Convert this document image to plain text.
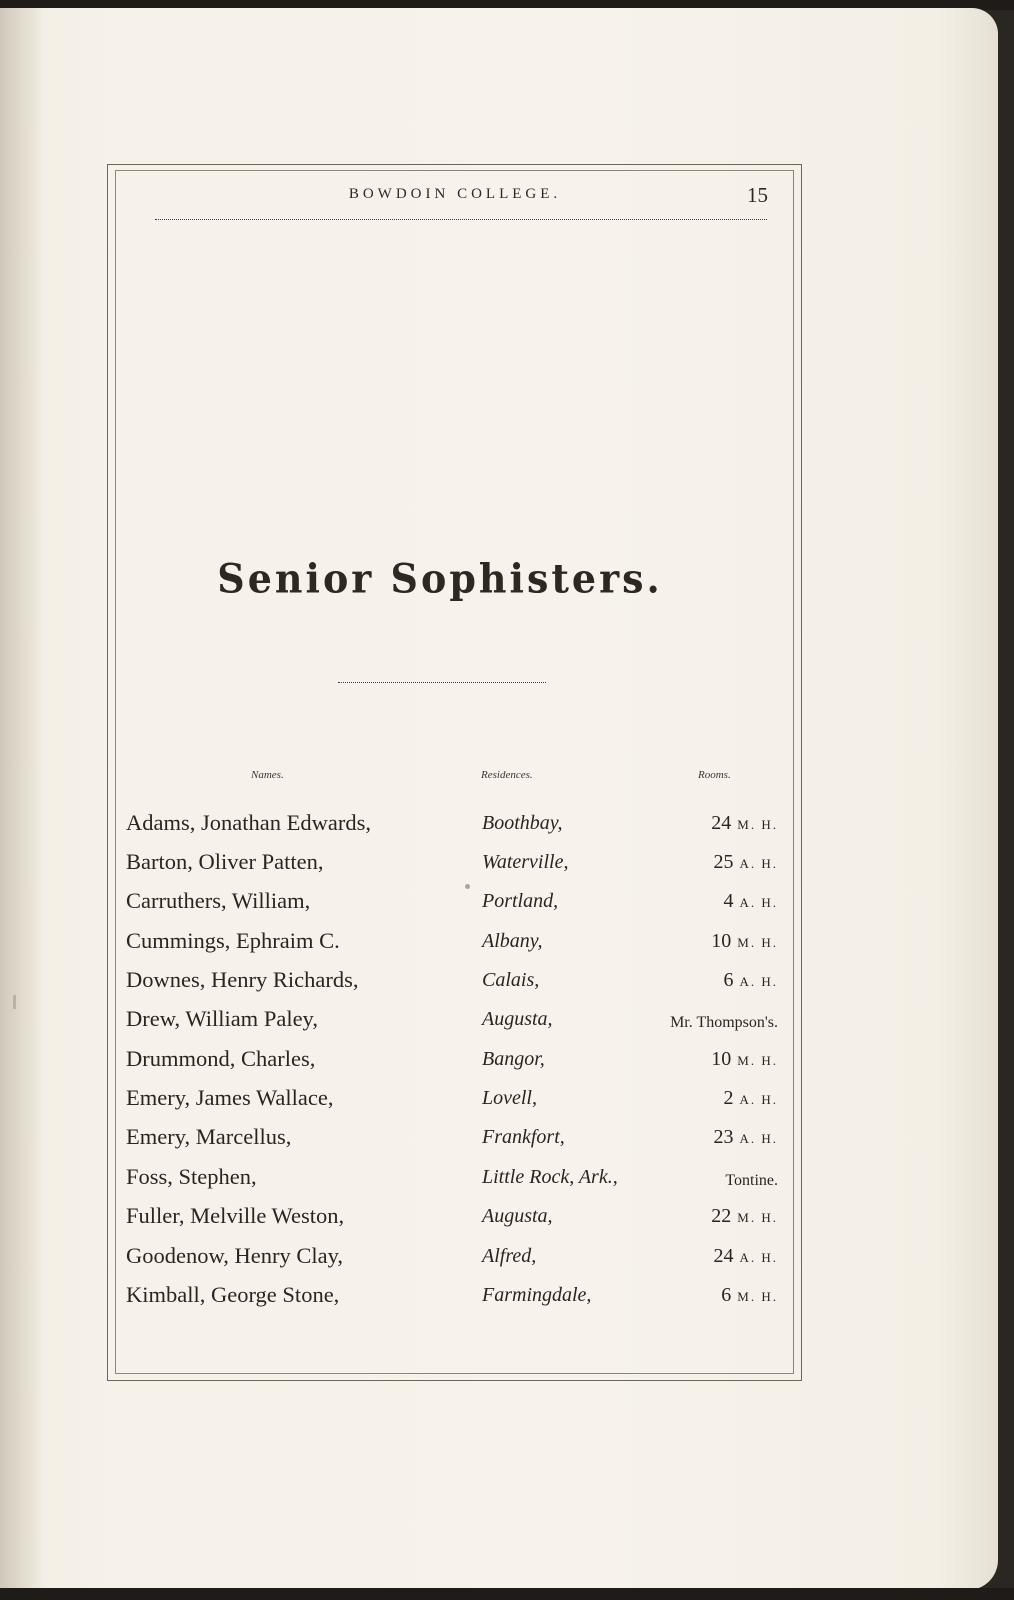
BOWDOIN COLLEGE.	15
Senior Sophisters.
Names.	Residences.	Rooms.
Adams, Jonathan Edwards,	Boothbay,	24 M. H.
Barton, Oliver Patten,	Waterville,	25 A. H.
Carruthers, William,	Portland,	4 A. H.
Cummings, Ephraim C.	Albany,	10 M. H.
Downes, Henry Richards,	Calais,	6 A. H.
Drew, William Paley,	Augusta,	Mr. Thompson's.
Drummond, Charles,	Bangor,	10 M. H.
Emery, James Wallace,	Lovell,	2 A. H.
Emery, Marcellus,	Frankfort,	23 A. H.
Foss, Stephen,	Little Rock, Ark.,	Tontine.
Fuller, Melville Weston,	Augusta,	22 M. H.
Goodenow, Henry Clay,	Alfred,	24 A. H.
Kimball, George Stone,	Farmingdale,	6 M. H.
